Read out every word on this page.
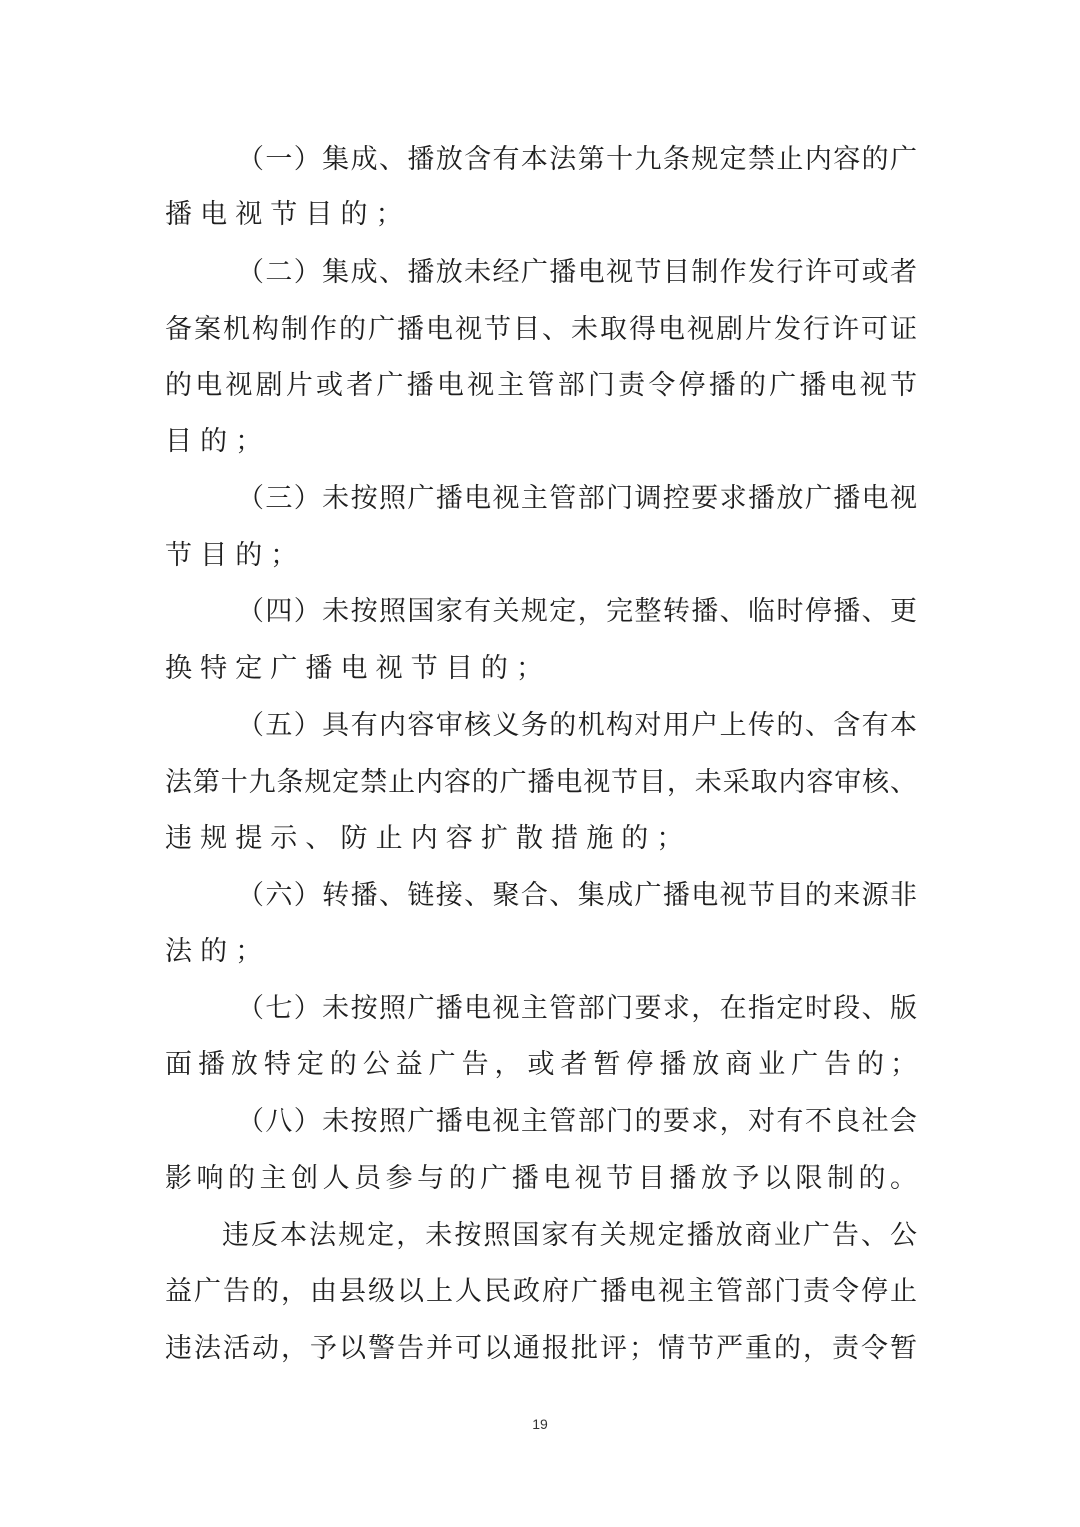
（一）集成、播放含有本法第十九条规定禁止内容的广
播电视节目的；
（二）集成、播放未经广播电视节目制作发行许可或者
备案机构制作的广播电视节目、未取得电视剧片发行许可证
的电视剧片或者广播电视主管部门责令停播的广播电视节
目的；
（三）未按照广播电视主管部门调控要求播放广播电视
节目的；
（四）未按照国家有关规定，完整转播、临时停播、更
换特定广播电视节目的；
（五）具有内容审核义务的机构对用户上传的、含有本
法第十九条规定禁止内容的广播电视节目，未采取内容审核、
违规提示、防止内容扩散措施的；
（六）转播、链接、聚合、集成广播电视节目的来源非
法的；
（七）未按照广播电视主管部门要求，在指定时段、版
面播放特定的公益广告，或者暂停播放商业广告的；
（八）未按照广播电视主管部门的要求，对有不良社会
影响的主创人员参与的广播电视节目播放予以限制的。
违反本法规定，未按照国家有关规定播放商业广告、公
益广告的，由县级以上人民政府广播电视主管部门责令停止
违法活动，予以警告并可以通报批评；情节严重的，责令暂
19
